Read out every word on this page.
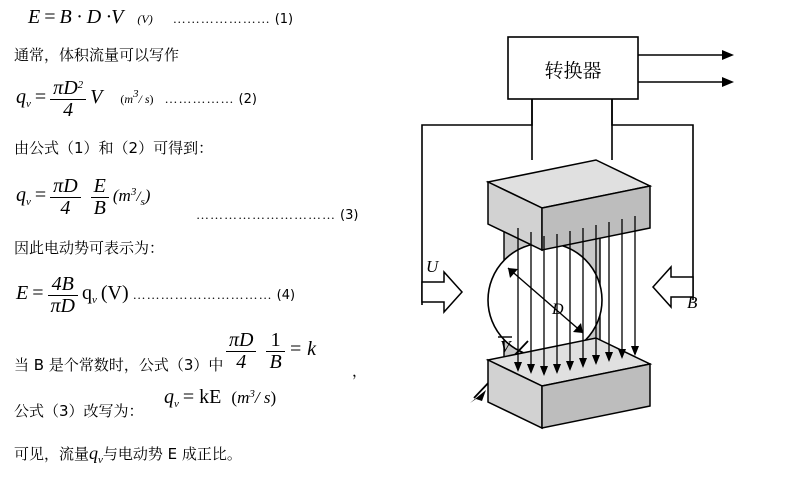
E = B · D ·V (V) ………………… (1)
通常，体积流量可以写作
$q_v = \frac{\pi D^2}{4}$ V (m3/ s) …………… (2)
由公式（1）和（2）可得到：
$q_v = \frac{\pi D}{4}$
$\frac{E}{B} (m^3/_s)$
………………………… (3)
因此电动势可表示为：
$E = \frac{4B}{\pi D} q_v$ (V) ………………………… (4)
$\frac{\pi D}{4}$
$\frac{1}{B} = k$
当 B 是个常数时，公式（3）中	，
公式（3）改写为：
$q_v$ = kE ($m^3/$ s)
可见，流量$q_v$与电动势 E 成正比。
转换器
D
V
U
B
